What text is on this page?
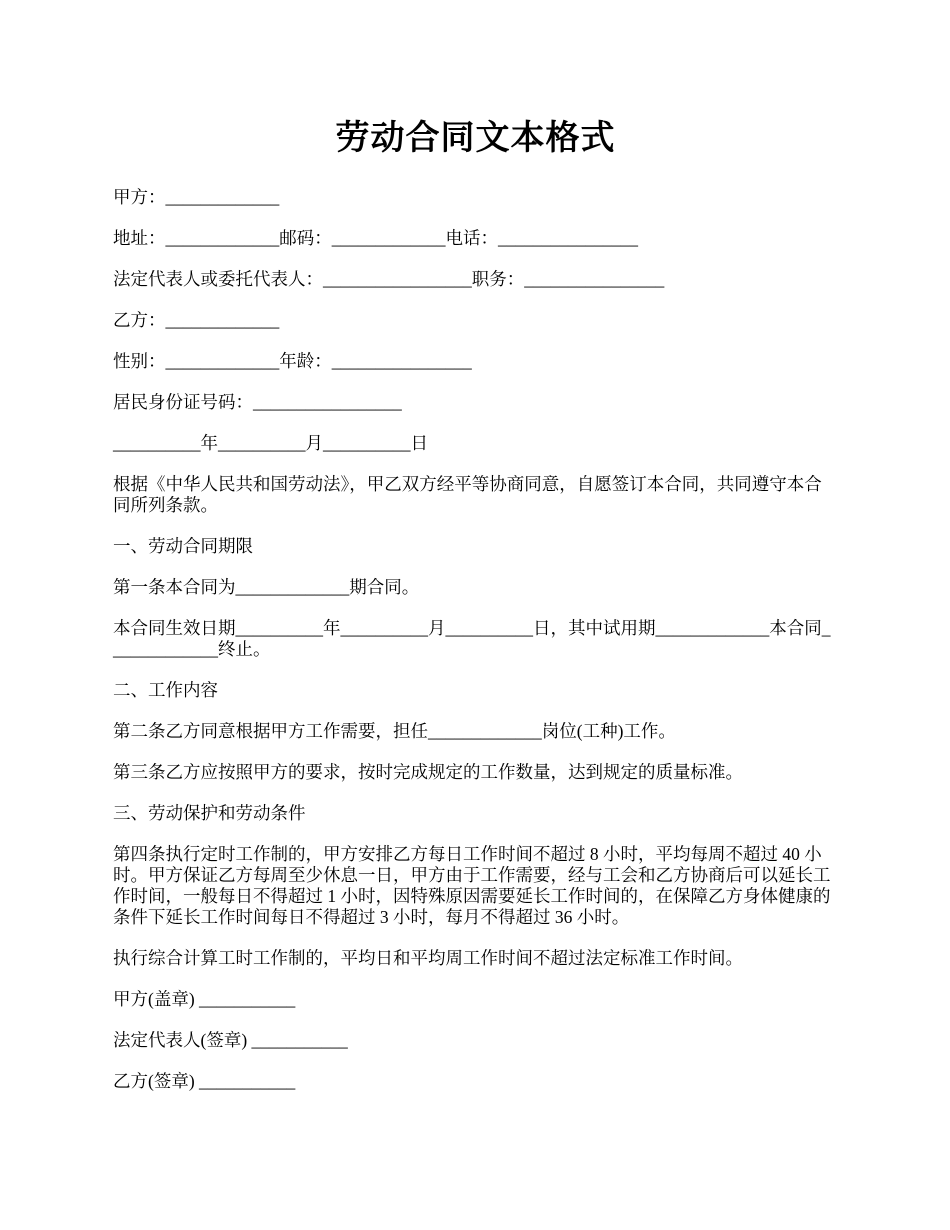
劳动合同文本格式

甲方：_____________

地址：_____________邮码：_____________电话：________________

法定代表人或委托代表人：_________________职务：________________

乙方：_____________

性别：_____________年龄：________________

居民身份证号码：_________________

__________年__________月__________日

根据《中华人民共和国劳动法》，甲乙双方经平等协商同意，自愿签订本合同，共同遵守本合同所列条款。

一、劳动合同期限

第一条本合同为_____________期合同。

本合同生效日期__________年__________月__________日，其中试用期_____________本合同_____________终止。

二、工作内容

第二条乙方同意根据甲方工作需要，担任_____________岗位(工种)工作。

第三条乙方应按照甲方的要求，按时完成规定的工作数量，达到规定的质量标准。

三、劳动保护和劳动条件

第四条执行定时工作制的，甲方安排乙方每日工作时间不超过 8 小时，平均每周不超过 40 小时。甲方保证乙方每周至少休息一日，甲方由于工作需要，经与工会和乙方协商后可以延长工作时间，一般每日不得超过 1 小时，因特殊原因需要延长工作时间的，在保障乙方身体健康的条件下延长工作时间每日不得超过 3 小时，每月不得超过 36 小时。

执行综合计算工时工作制的，平均日和平均周工作时间不超过法定标准工作时间。

甲方(盖章) ___________

法定代表人(签章) ___________

乙方(签章) ___________
